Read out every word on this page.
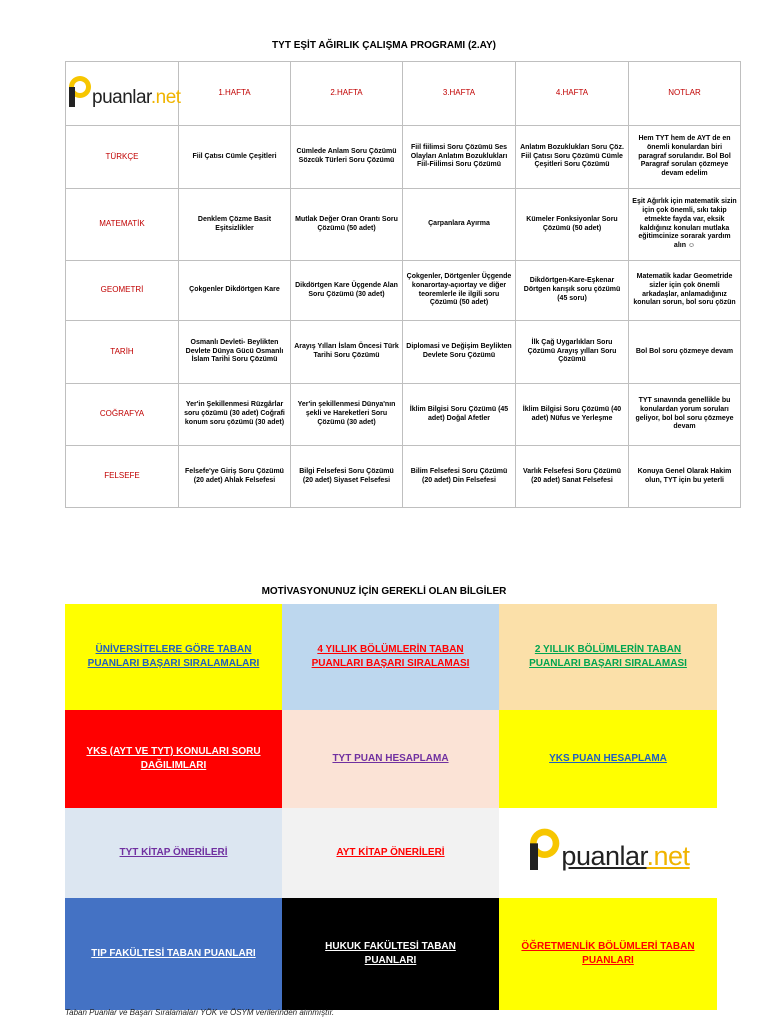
TYT EŞİT AĞIRLIK ÇALIŞMA PROGRAMI (2.AY)
puanlar.net	1.HAFTA	2.HAFTA	3.HAFTA	4.HAFTA	NOTLAR
TÜRKÇE	Fiil Çatısı Cümle Çeşitleri	Cümlede Anlam Soru Çözümü Sözcük Türleri Soru Çözümü	Fiil fiilimsi Soru Çözümü Ses Olayları Anlatım Bozuklukları Fiil-Fiilimsi Soru Çözümü	Anlatım Bozuklukları Soru Çöz. Fiil Çatısı Soru Çözümü Cümle Çeşitleri Soru Çözümü	Hem TYT hem de AYT de en önemli konulardan biri paragraf sorularıdır. Bol Bol Paragraf soruları çözmeye devam edelim
MATEMATİK	Denklem Çözme Basit Eşitsizlikler	Mutlak Değer Oran Orantı Soru Çözümü (50 adet)	Çarpanlara Ayırma	Kümeler Fonksiyonlar Soru Çözümü (50 adet)	Eşit Ağırlık için matematik sizin için çok önemli, sıkı takip etmekte fayda var, eksik kaldığınız konuları mutlaka eğitimcinize sorarak yardım alın ☺
GEOMETRİ	Çokgenler Dikdörtgen Kare	Dikdörtgen Kare Üçgende Alan Soru Çözümü (30 adet)	Çokgenler, Dörtgenler Üçgende konarortay-açıortay ve diğer teoremlerle ile ilgili soru Çözümü (50 adet)	Dikdörtgen-Kare-Eşkenar Dörtgen karışık soru çözümü (45 soru)	Matematik kadar Geometride sizler için çok önemli arkadaşlar, anlamadığınız konuları sorun, bol soru çözün
TARİH	Osmanlı Devleti- Beylikten Devlete Dünya Gücü Osmanlı İslam Tarihi Soru Çözümü	Arayış Yılları İslam Öncesi Türk Tarihi Soru Çözümü	Diplomasi ve Değişim Beylikten Devlete Soru Çözümü	İlk Çağ Uygarlıkları Soru Çözümü Arayış yılları Soru Çözümü	Bol Bol soru çözmeye devam
COĞRAFYA	Yer'in Şekillenmesi Rüzgârlar soru çözümü (30 adet) Coğrafi konum soru çözümü (30 adet)	Yer'in şekillenmesi Dünya'nın şekli ve Hareketleri Soru Çözümü (30 adet)	İklim Bilgisi Soru Çözümü (45 adet) Doğal Afetler	İklim Bilgisi Soru Çözümü (40 adet) Nüfus ve Yerleşme	TYT sınavında genellikle bu konulardan yorum soruları geliyor, bol bol soru çözmeye devam
FELSEFE	Felsefe'ye Giriş Soru Çözümü (20 adet) Ahlak Felsefesi	Bilgi Felsefesi Soru Çözümü (20 adet) Siyaset Felsefesi	Bilim Felsefesi Soru Çözümü (20 adet) Din Felsefesi	Varlık Felsefesi Soru Çözümü (20 adet) Sanat Felsefesi	Konuya Genel Olarak Hakim olun, TYT için bu yeterli
MOTİVASYONUNUZ İÇİN GEREKLİ OLAN BİLGİLER
ÜNİVERSİTELERE GÖRE TABAN PUANLARI BAŞARI SIRALAMALARI
4 YILLIK BÖLÜMLERİN TABAN PUANLARI BAŞARI SIRALAMASI
2 YILLIK BÖLÜMLERİN TABAN PUANLARI BAŞARI SIRALAMASI
YKS (AYT VE TYT) KONULARI SORU DAĞILIMLARI
TYT PUAN HESAPLAMA	YKS PUAN HESAPLAMA
TYT KİTAP ÖNERİLERİ	AYT KİTAP ÖNERİLERİ	puanlar.net
TIP FAKÜLTESİ TABAN PUANLARI
HUKUK FAKÜLTESİ TABAN PUANLARI
ÖĞRETMENLİK BÖLÜMLERİ TABAN PUANLARI
Taban Puanlar ve Başarı Sıralamaları YÖK ve ÖSYM verilerinden alınmıştır.
